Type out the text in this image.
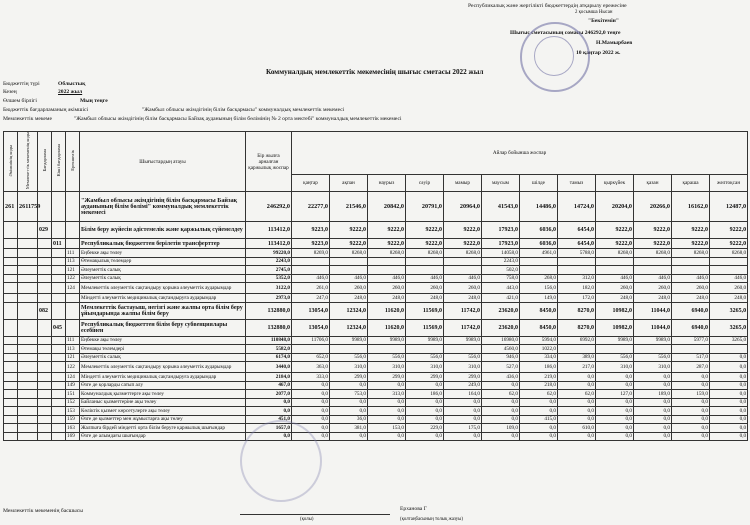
Республикалық және жергілікті бюджеттердің атқарылу ережесіне
2 қосымша Нысан
"Бекітемін"
Шығыс сметасының сомасы 246292,0 теңге
Н.Мамырбаев
10 қаңтар 2022 ж.
Коммуналдық мемлекеттік мекемесінің шығыс сметасы 2022 жыл
Бюджеттің түрі	Облыстық
Кезең	2022 жыл
Өлшем бірлігі	Мың теңге
Бюджеттік бағдарламаның әкімшісі	"Жамбыл облысы әкімдігінің білім басқармасы" коммуналдық мемлекеттік мекемесі
Мемлекеттік мекеме	"Жамбыл облысы әкімдігінің білім басқармасы Байзақ ауданының білім бөлімінің № 2 орта мектебі" коммуналдық мемлекеттік мекемесі
Әкімшінің коды	Мемлекеттік мекеменің коды	Бағдарлама	Кіші бағдарлама	Ерекшелік	Шығыстардың атауы	Бір жылға арналған қаржылық жоспар	Айлар бойынша жоспар											
							қаңтар	ақпан	наурыз	сәуір	мамыр	маусым	шілде	тамыз	қыркүйек	қазан	қараша	желтоқсан
261	2611759				"Жамбыл облысы әкімдігінің білім басқармасы Байзақ ауданының білім бөлімі" коммуналдық мемлекеттік мекемесі	246292,0	22277,0	21546,0	20842,0	20791,0	20964,0	41543,0	14486,0	14724,0	20204,0	20266,0	16162,0	12487,0
		029			Білім беру жүйесін әдістемелік және қаржылық сүйемелдеу	113412,0	9223,0	9222,0	9222,0	9222,0	9222,0	17923,0	6036,0	6454,0	9222,0	9222,0	9222,0	9222,0
			011		Республикалық бюджеттен берілетін трансферттер	113412,0	9223,0	9222,0	9222,0	9222,0	9222,0	17923,0	6036,0	6454,0	9222,0	9222,0	9222,0	9222,0
				111	Еңбекке ақы төлеу	99220,0	8269,0	8268,0	8268,0	8268,0	8268,0	14058,0	4961,0	5788,0	8268,0	8268,0	8268,0	8268,0
				113	Өтемақылық төлемдер	2243,0						2243,0						
				121	Әлеуметтік салық	2745,0						502,0						
				122	Әлеуметтік салық	5352,0	446,0	446,0	446,0	446,0	446,0	758,0	268,0	312,0	446,0	446,0	446,0	446,0
				124	Мемлекеттік әлеуметтік сақтандыру қорына әлеуметтік аударымдар	3122,0	261,0	260,0	260,0	260,0	260,0	443,0	156,0	182,0	260,0	260,0	260,0	260,0
					Міндетті әлеуметтік медициналық сақтандыруға аударымдар	2973,0	247,0	248,0	248,0	248,0	248,0	421,0	149,0	172,0	248,0	248,0	248,0	248,0
		082			Мемлекеттік бастауыш, негізгі және жалпы орта білім беру ұйымдарында жалпы білім беру	132880,0	13054,0	12324,0	11620,0	11569,0	11742,0	23620,0	8450,0	8270,0	10982,0	11044,0	6940,0	3265,0
			045		Республикалық бюджеттен білім беру субвенциялары есебінен	132880,0	13054,0	12324,0	11620,0	11569,0	11742,0	23620,0	8450,0	8270,0	10982,0	11044,0	6940,0	3265,0
				111	Еңбекке ақы төлеу	110848,0	11706,0	9989,0	9989,0	9989,0	9989,0	16980,0	5994,0	6992,0	9989,0	9989,0	5977,0	3265,0
				113	Өтемақы төлемдері	5582,0						4560,0	1022,0					
				121	Әлеуметтік салық	6174,0	652,0	556,0	556,0	556,0	556,0	946,0	334,0	389,0	556,0	556,0	517,0	0,0
				122	Мемлекеттік әлеуметтік сақтандыру қорына әлеуметтік аударымдар	3440,0	363,0	310,0	310,0	310,0	310,0	527,0	186,0	217,0	310,0	310,0	287,0	0,0
				124	Міндетті әлеуметтік медициналық сақтандыруға аударымдар	2184,0	333,0	299,0	299,0	299,0	299,0	436,0	219,0	0,0	0,0	0,0	0,0	0,0
				149	Өзге де қорларды сатып алу	467,0	0,0	0,0	0,0	0,0	249,0	0,0	218,0	0,0	0,0	0,0	0,0	0,0
				151	Коммуналдық қызметтерге ақы төлеу	2077,0	0,0	753,0	313,0	186,0	164,0	62,0	62,0	62,0	127,0	189,0	159,0	0,0
				152	Байланыс қызметтеріне ақы төлеу	0,0	0,0	0,0	0,0	0,0	0,0	0,0	0,0	0,0	0,0	0,0	0,0	0,0
				153	Көліктік қызмет көрсетулерге ақы төлеу	0,0	0,0	0,0	0,0	0,0	0,0	0,0	0,0	0,0	0,0	0,0	0,0	0,0
				159	Өзге де қызметтер мен жұмыстарға ақы төлеу	451,0	0,0	36,0	0,0	0,0	0,0	0,0	415,0	0,0	0,0	0,0	0,0	0,0
				163	Жалпыға бірдей міндетті орта білім беруге қаржылық шығындар	1657,0	0,0	381,0	153,0	229,0	175,0	109,0	0,0	610,0	0,0	0,0	0,0	0,0
				169	Өзге де алымдағы шығындар	0,0	0,0	0,0	0,0	0,0	0,0	0,0	0,0	0,0	0,0	0,0	0,0	0,0
Мемлекеттік мекеменің басшысы	Ерханова Г
(қолы)	(қолтаңбасының толық жазуы)
